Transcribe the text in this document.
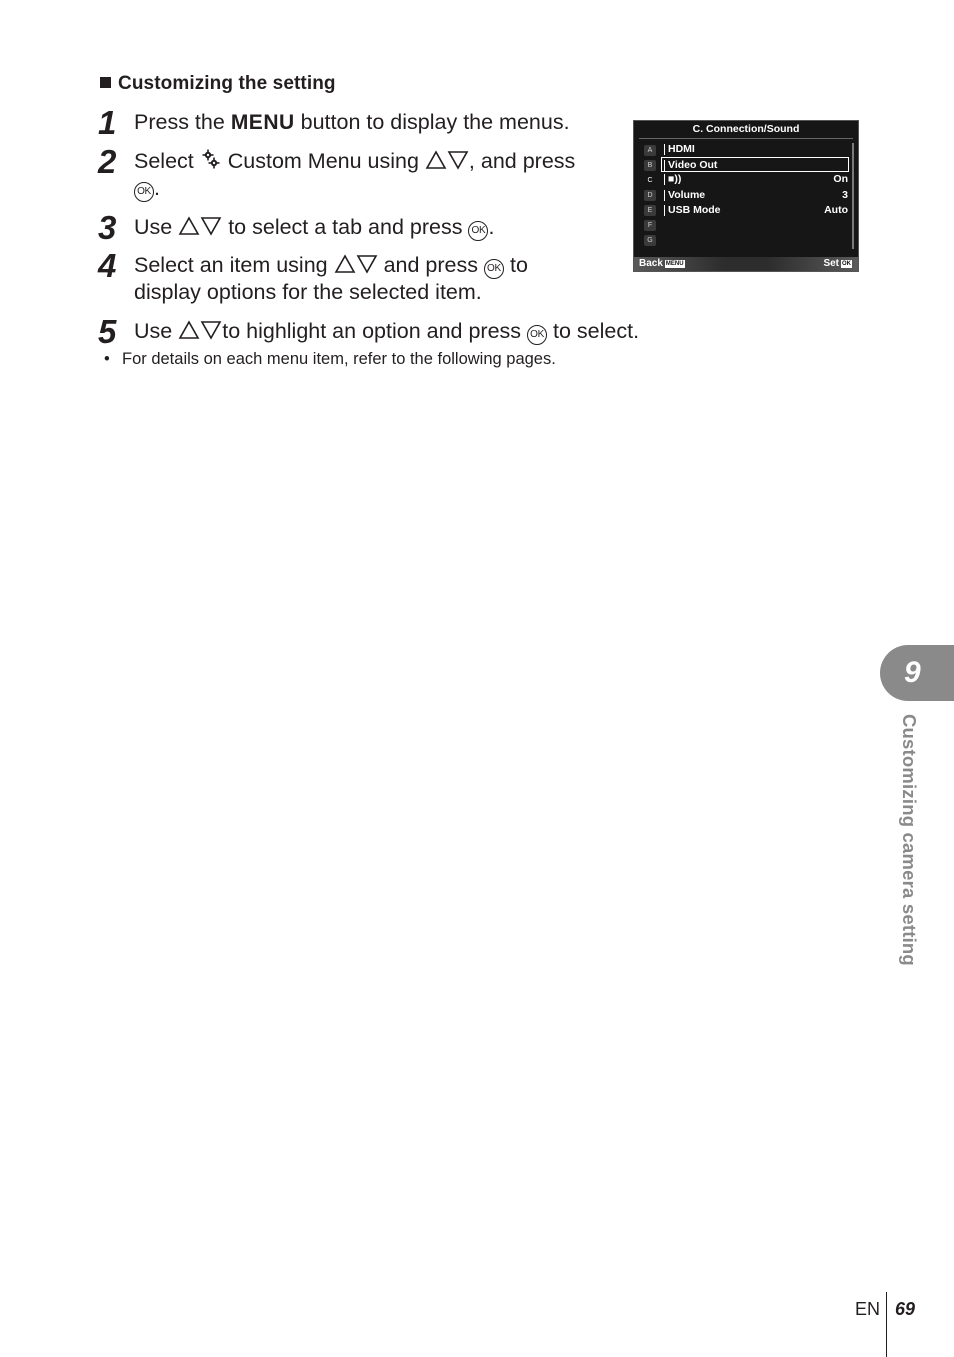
Customizing the setting
1 Press the MENU button to display the menus.
2 Select Custom Menu using , and press
OK .
3 Use	to select a tab and press OK .
4 Select an item using	and press OK to
display options for the selected item.
5 Use to highlight an option and press OK to select.
• For details on each menu item, refer to the following pages.
C. Connection/Sound
A
B
C
D
E
F
G
HDMI
Video Out
■))	On
Volume	3
USB Mode	Auto
Back MENU	Set OK
9
Customizing camera setting
EN 69
